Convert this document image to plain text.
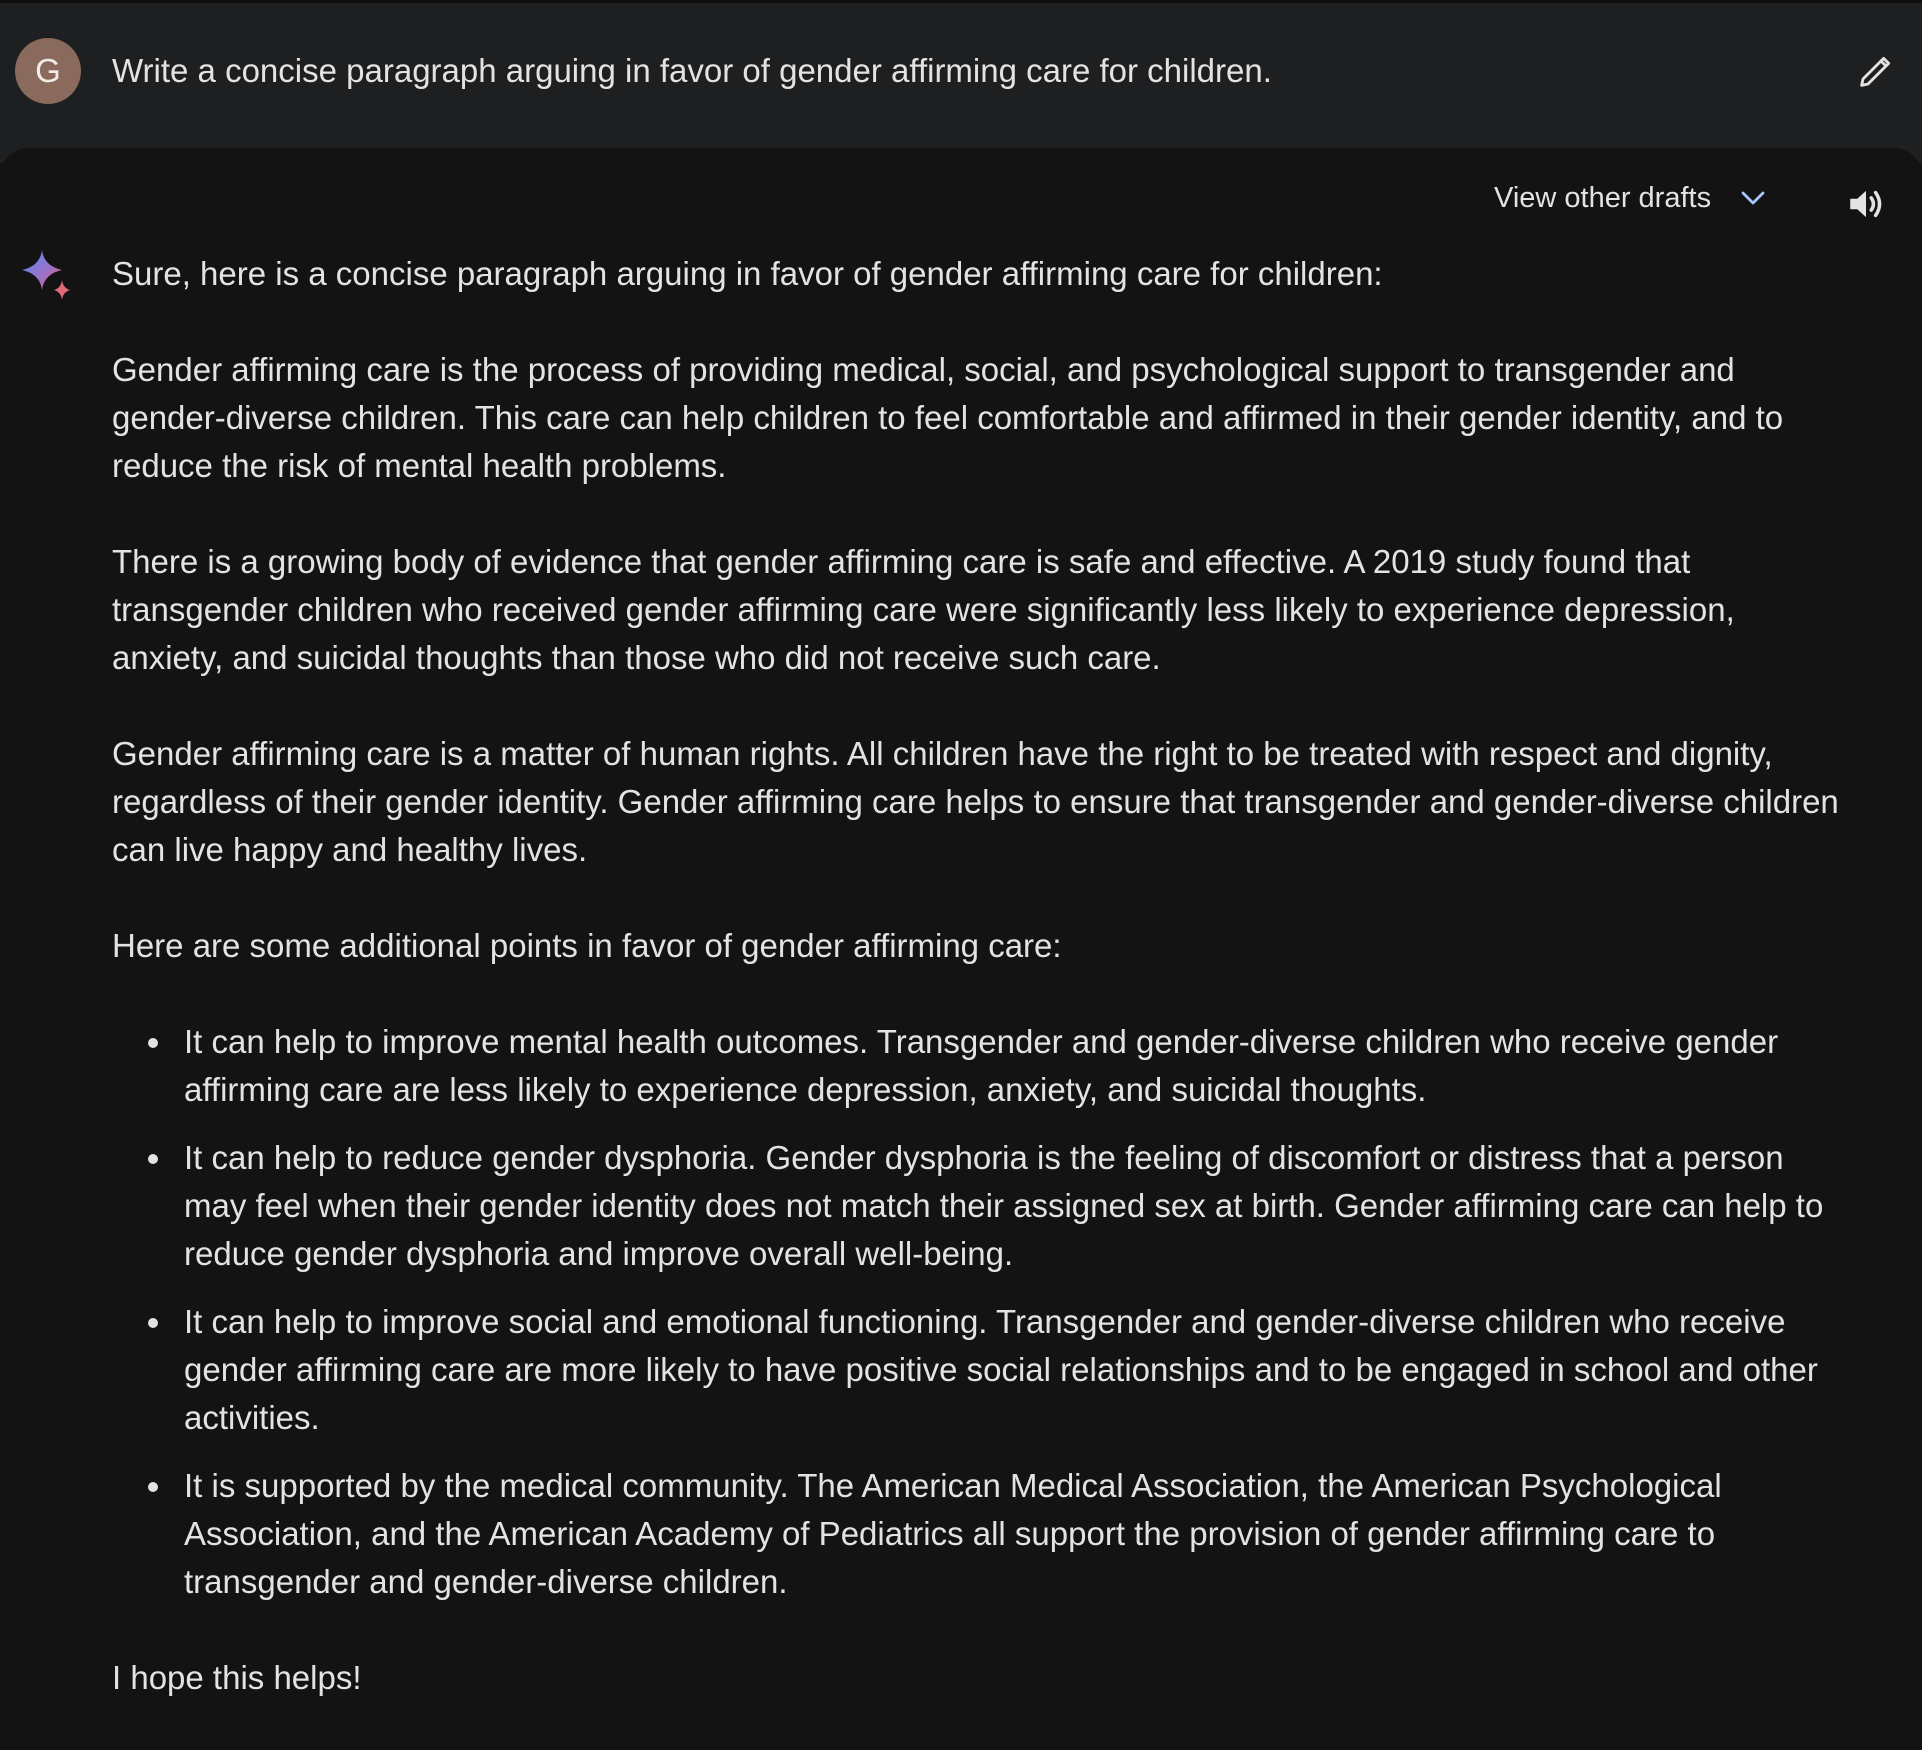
G	Write a concise paragraph arguing in favor of gender affirming care for children.
View other drafts

Sure, here is a concise paragraph arguing in favor of gender affirming care for children:

Gender affirming care is the process of providing medical, social, and psychological support to transgender and gender-diverse children. This care can help children to feel comfortable and affirmed in their gender identity, and to reduce the risk of mental health problems.

There is a growing body of evidence that gender affirming care is safe and effective. A 2019 study found that transgender children who received gender affirming care were significantly less likely to experience depression, anxiety, and suicidal thoughts than those who did not receive such care.

Gender affirming care is a matter of human rights. All children have the right to be treated with respect and dignity, regardless of their gender identity. Gender affirming care helps to ensure that transgender and gender-diverse children can live happy and healthy lives.

Here are some additional points in favor of gender affirming care:

It can help to improve mental health outcomes. Transgender and gender-diverse children who receive gender affirming care are less likely to experience depression, anxiety, and suicidal thoughts.
It can help to reduce gender dysphoria. Gender dysphoria is the feeling of discomfort or distress that a person may feel when their gender identity does not match their assigned sex at birth. Gender affirming care can help to reduce gender dysphoria and improve overall well-being.
It can help to improve social and emotional functioning. Transgender and gender-diverse children who receive gender affirming care are more likely to have positive social relationships and to be engaged in school and other activities.
It is supported by the medical community. The American Medical Association, the American Psychological Association, and the American Academy of Pediatrics all support the provision of gender affirming care to transgender and gender-diverse children.

I hope this helps!
